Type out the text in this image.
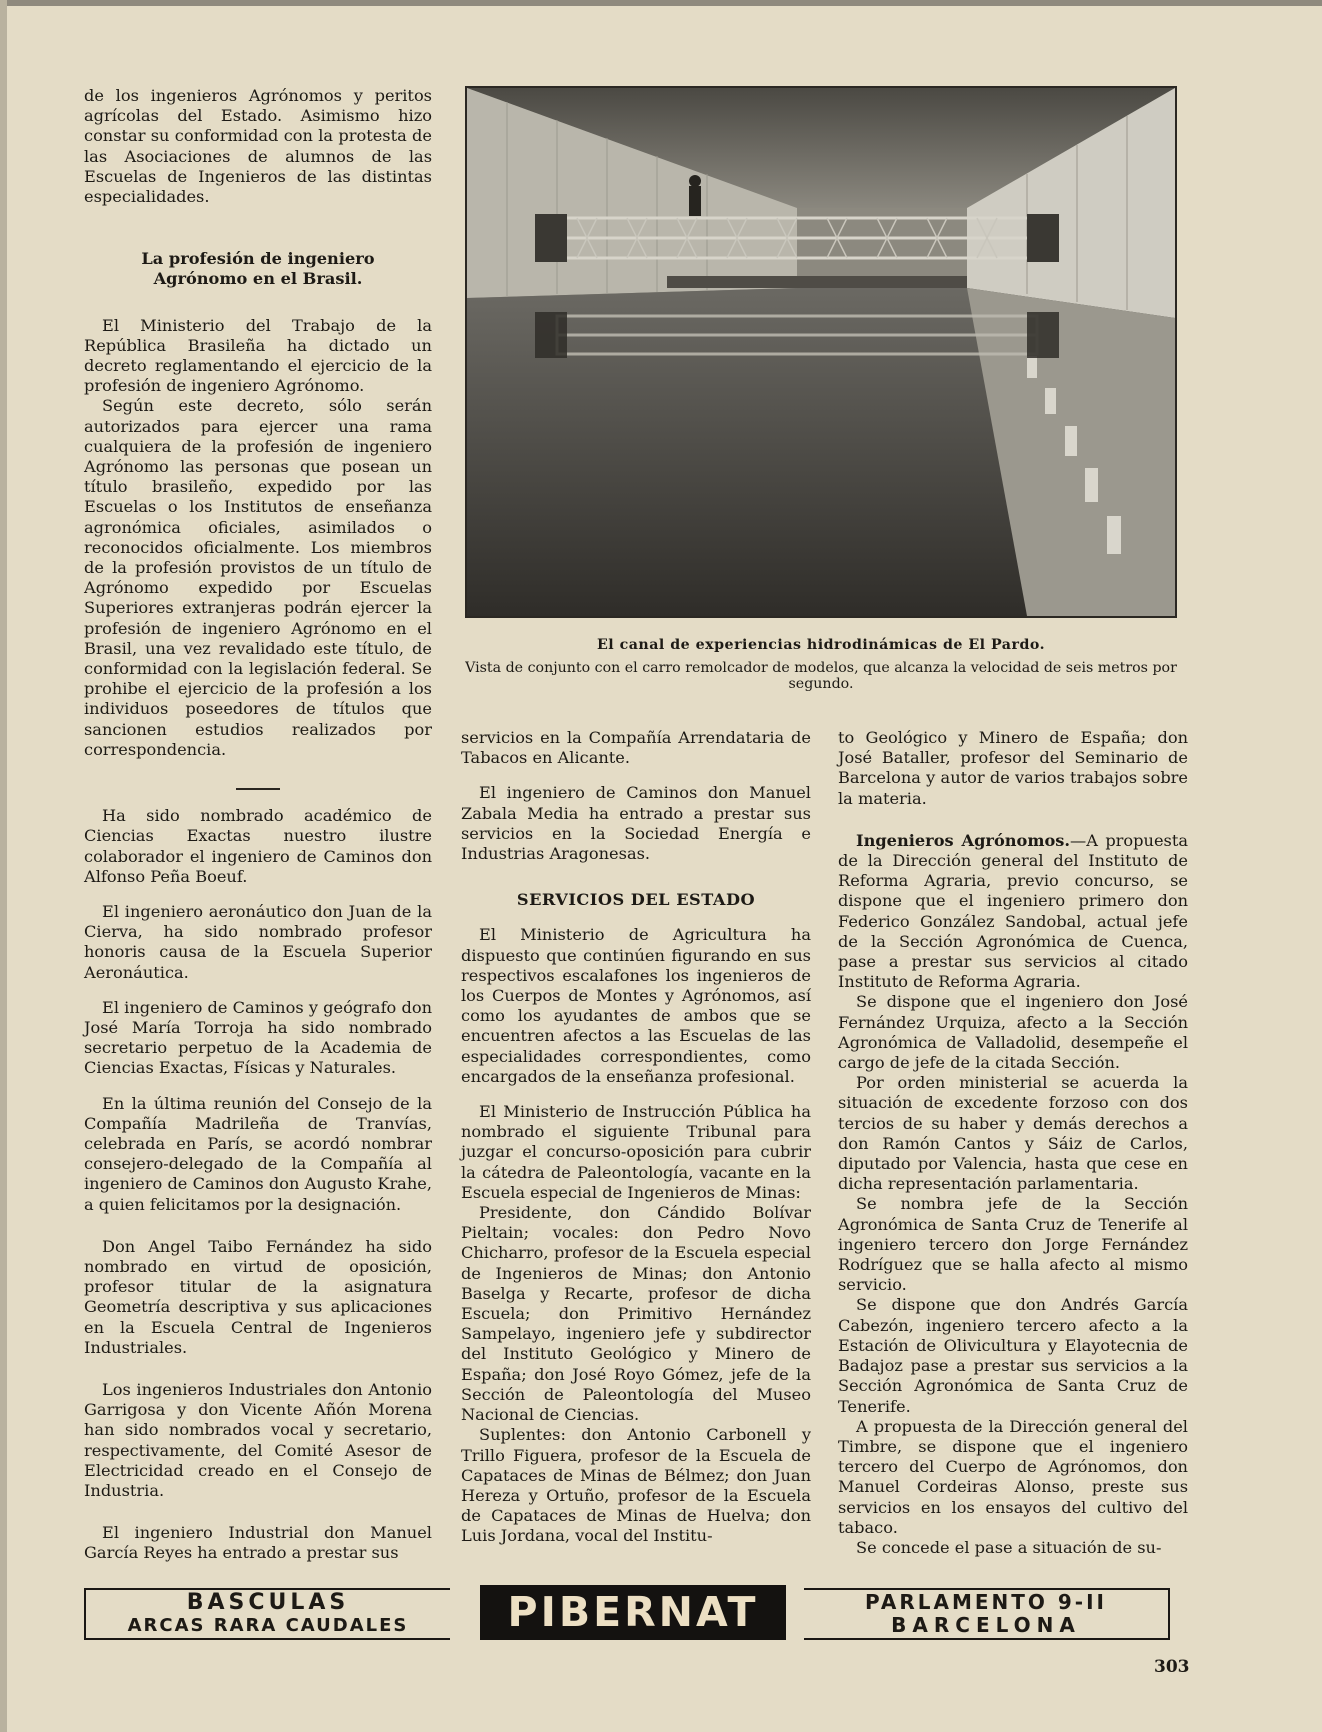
de los ingenieros Agrónomos y peritos agrícolas del Estado. Asimismo hizo constar su conformidad con la protesta de las Asociaciones de alumnos de las Escuelas de Ingenieros de las distintas especialidades.

La profesión de ingeniero Agrónomo en el Brasil.

El Ministerio del Trabajo de la República Brasileña ha dictado un decreto reglamentando el ejercicio de la profesión de ingeniero Agrónomo.

Según este decreto, sólo serán autorizados para ejercer una rama cualquiera de la profesión de ingeniero Agrónomo las personas que posean un título brasileño, expedido por las Escuelas o los Institutos de enseñanza agronómica oficiales, asimilados o reconocidos oficialmente. Los miembros de la profesión provistos de un título de Agrónomo expedido por Escuelas Superiores extranjeras podrán ejercer la profesión de ingeniero Agrónomo en el Brasil, una vez revalidado este título, de conformidad con la legislación federal. Se prohibe el ejercicio de la profesión a los individuos poseedores de títulos que sancionen estudios realizados por correspondencia.

Ha sido nombrado académico de Ciencias Exactas nuestro ilustre colaborador el ingeniero de Caminos don Alfonso Peña Boeuf.

El ingeniero aeronáutico don Juan de la Cierva, ha sido nombrado profesor honoris causa de la Escuela Superior Aeronáutica.

El ingeniero de Caminos y geógrafo don José María Torroja ha sido nombrado secretario perpetuo de la Academia de Ciencias Exactas, Físicas y Naturales.

En la última reunión del Consejo de la Compañía Madrileña de Tranvías, celebrada en París, se acordó nombrar consejero-delegado de la Compañía al ingeniero de Caminos don Augusto Krahe, a quien felicitamos por la designación.

Don Angel Taibo Fernández ha sido nombrado en virtud de oposición, profesor titular de la asignatura Geometría descriptiva y sus aplicaciones en la Escuela Central de Ingenieros Industriales.

Los ingenieros Industriales don Antonio Garrigosa y don Vicente Añón Morena han sido nombrados vocal y secretario, respectivamente, del Comité Asesor de Electricidad creado en el Consejo de Industria.

El ingeniero Industrial don Manuel García Reyes ha entrado a prestar sus

El canal de experiencias hidrodinámicas de El Pardo.
Vista de conjunto con el carro remolcador de modelos, que alcanza la velocidad de seis metros por segundo.

servicios en la Compañía Arrendataria de Tabacos en Alicante.

El ingeniero de Caminos don Manuel Zabala Media ha entrado a prestar sus servicios en la Sociedad Energía e Industrias Aragonesas.

SERVICIOS DEL ESTADO

El Ministerio de Agricultura ha dispuesto que continúen figurando en sus respectivos escalafones los ingenieros de los Cuerpos de Montes y Agrónomos, así como los ayudantes de ambos que se encuentren afectos a las Escuelas de las especialidades correspondientes, como encargados de la enseñanza profesional.

El Ministerio de Instrucción Pública ha nombrado el siguiente Tribunal para juzgar el concurso-oposición para cubrir la cátedra de Paleontología, vacante en la Escuela especial de Ingenieros de Minas:

Presidente, don Cándido Bolívar Pieltain; vocales: don Pedro Novo Chicharro, profesor de la Escuela especial de Ingenieros de Minas; don Antonio Baselga y Recarte, profesor de dicha Escuela; don Primitivo Hernández Sampelayo, ingeniero jefe y subdirector del Instituto Geológico y Minero de España; don José Royo Gómez, jefe de la Sección de Paleontología del Museo Nacional de Ciencias.

Suplentes: don Antonio Carbonell y Trillo Figuera, profesor de la Escuela de Capataces de Minas de Bélmez; don Juan Hereza y Ortuño, profesor de la Escuela de Capataces de Minas de Huelva; don Luis Jordana, vocal del Institu-

to Geológico y Minero de España; don José Bataller, profesor del Seminario de Barcelona y autor de varios trabajos sobre la materia.

Ingenieros Agrónomos.—A propuesta de la Dirección general del Instituto de Reforma Agraria, previo concurso, se dispone que el ingeniero primero don Federico González Sandobal, actual jefe de la Sección Agronómica de Cuenca, pase a prestar sus servicios al citado Instituto de Reforma Agraria.

Se dispone que el ingeniero don José Fernández Urquiza, afecto a la Sección Agronómica de Valladolid, desempeñe el cargo de jefe de la citada Sección.

Por orden ministerial se acuerda la situación de excedente forzoso con dos tercios de su haber y demás derechos a don Ramón Cantos y Sáiz de Carlos, diputado por Valencia, hasta que cese en dicha representación parlamentaria.

Se nombra jefe de la Sección Agronómica de Santa Cruz de Tenerife al ingeniero tercero don Jorge Fernández Rodríguez que se halla afecto al mismo servicio.

Se dispone que don Andrés García Cabezón, ingeniero tercero afecto a la Estación de Olivicultura y Elayotecnia de Badajoz pase a prestar sus servicios a la Sección Agronómica de Santa Cruz de Tenerife.

A propuesta de la Dirección general del Timbre, se dispone que el ingeniero tercero del Cuerpo de Agrónomos, don Manuel Cordeiras Alonso, preste sus servicios en los ensayos del cultivo del tabaco.

Se concede el pase a situación de su-

BASCULAS
ARCAS RARA CAUDALES	PIBERNAT	PARLAMENTO 9-II
BARCELONA
303
